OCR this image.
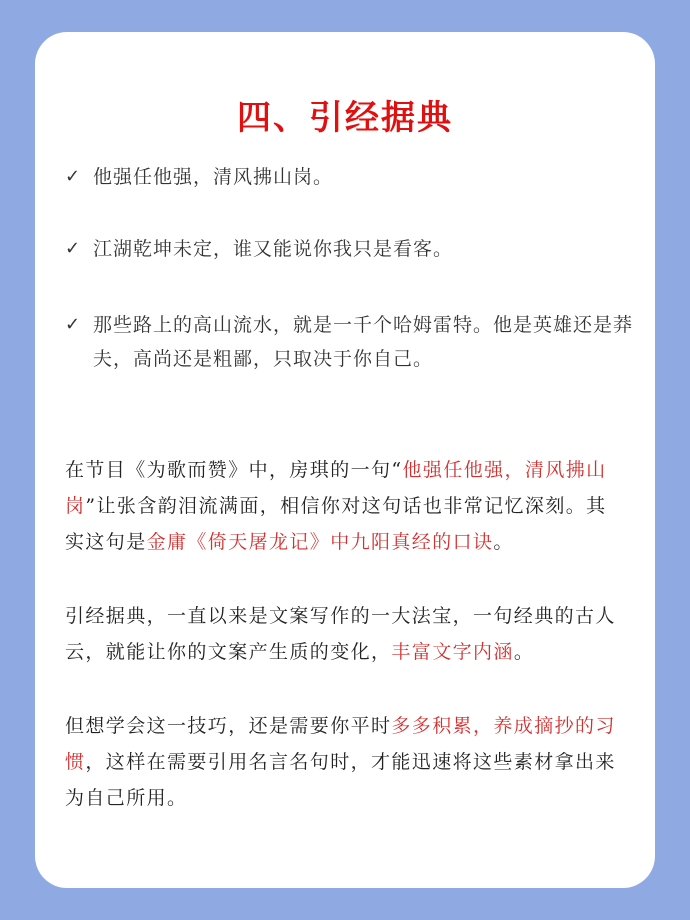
四、引经据典
✓ 他强任他强，清风拂山岗。
✓ 江湖乾坤未定，谁又能说你我只是看客。
✓ 那些路上的高山流水，就是一千个哈姆雷特。他是英雄还是莽夫，高尚还是粗鄙，只取决于你自己。
在节目《为歌而赞》中，房琪的一句“他强任他强，清风拂山岗”让张含韵泪流满面，相信你对这句话也非常记忆深刻。其实这句是金庸《倚天屠龙记》中九阳真经的口诀。
引经据典，一直以来是文案写作的一大法宝，一句经典的古人云，就能让你的文案产生质的变化，丰富文字内涵。
但想学会这一技巧，还是需要你平时多多积累，养成摘抄的习惯，这样在需要引用名言名句时，才能迅速将这些素材拿出来为自己所用。
